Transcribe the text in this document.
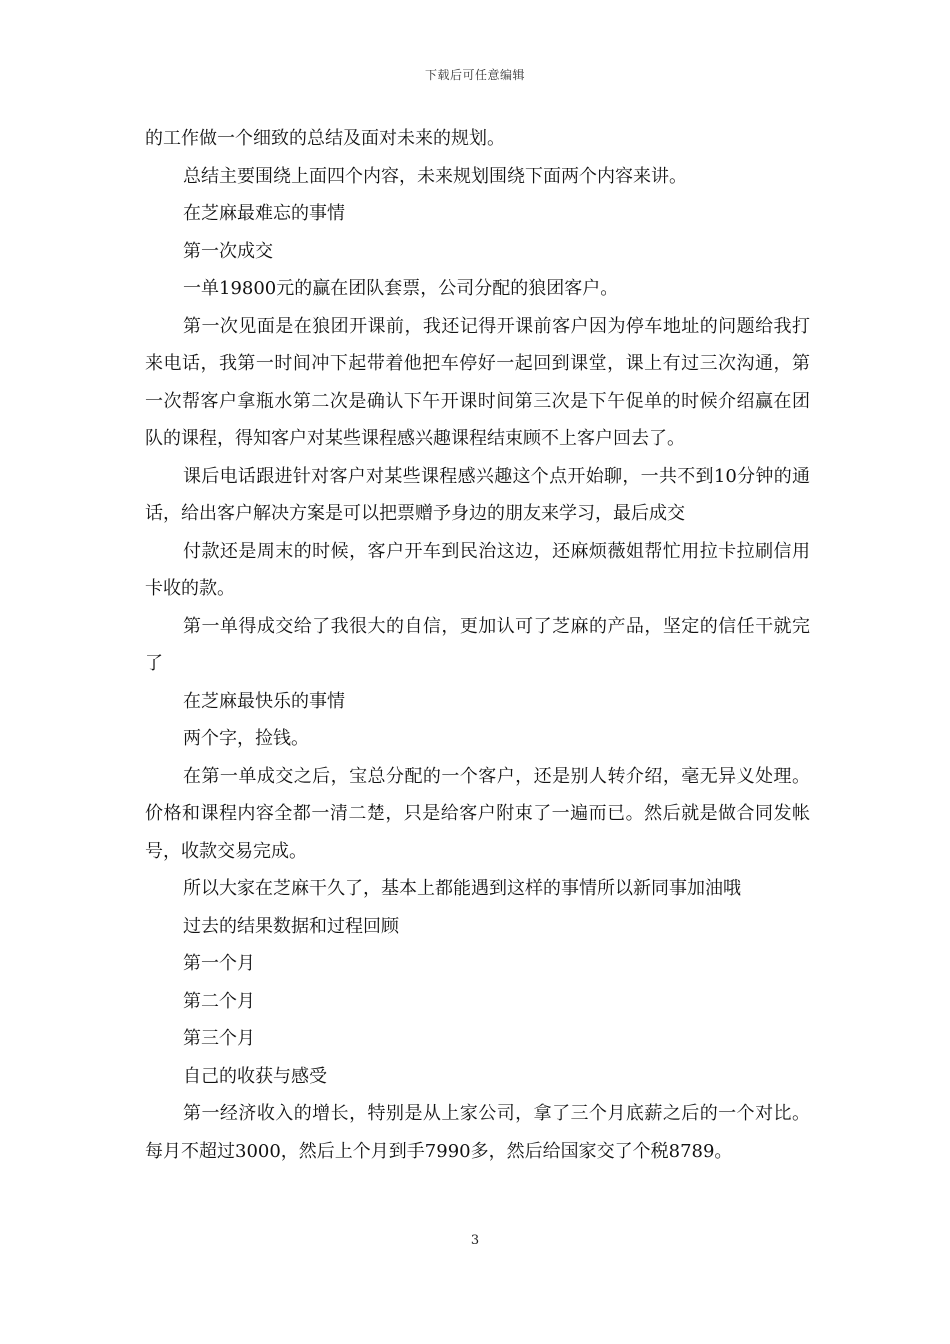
下载后可任意编辑

的工作做一个细致的总结及面对未来的规划。

总结主要围绕上面四个内容，未来规划围绕下面两个内容来讲。

在芝麻最难忘的事情

第一次成交

一单19800元的赢在团队套票，公司分配的狼团客户。

第一次见面是在狼团开课前，我还记得开课前客户因为停车地址的问题给我打来电话，我第一时间冲下起带着他把车停好一起回到课堂，课上有过三次沟通，第一次帮客户拿瓶水第二次是确认下午开课时间第三次是下午促单的时候介绍赢在团队的课程，得知客户对某些课程感兴趣课程结束顾不上客户回去了。

课后电话跟进针对客户对某些课程感兴趣这个点开始聊，一共不到10分钟的通话，给出客户解决方案是可以把票赠予身边的朋友来学习，最后成交

付款还是周末的时候，客户开车到民治这边，还麻烦薇姐帮忙用拉卡拉刷信用卡收的款。

第一单得成交给了我很大的自信，更加认可了芝麻的产品，坚定的信任干就完了

在芝麻最快乐的事情

两个字，捡钱。

在第一单成交之后，宝总分配的一个客户，还是别人转介绍，毫无异义处理。价格和课程内容全都一清二楚，只是给客户附束了一遍而已。然后就是做合同发帐号，收款交易完成。

所以大家在芝麻干久了，基本上都能遇到这样的事情所以新同事加油哦

过去的结果数据和过程回顾

第一个月

第二个月

第三个月

自己的收获与感受

第一经济收入的增长，特别是从上家公司，拿了三个月底薪之后的一个对比。每月不超过3000，然后上个月到手7990多，然后给国家交了个税8789。

3
